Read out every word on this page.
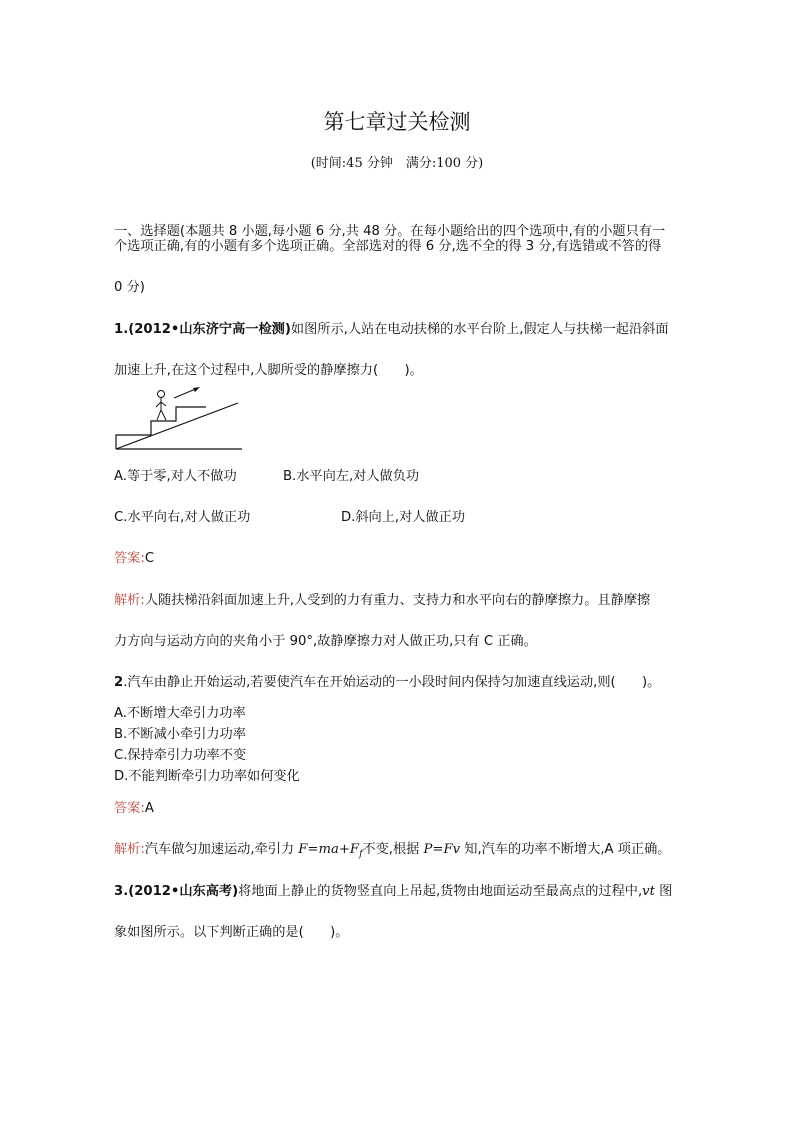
第七章过关检测
(时间:45 分钟　满分:100 分)
一、选择题(本题共 8 小题,每小题 6 分,共 48 分。在每小题给出的四个选项中,有的小题只有一
个选项正确,有的小题有多个选项正确。全部选对的得 6 分,选不全的得 3 分,有选错或不答的得
0 分)
1.(2012•山东济宁高一检测)如图所示,人站在电动扶梯的水平台阶上,假定人与扶梯一起沿斜面
加速上升,在这个过程中,人脚所受的静摩擦力(　　)。
A.等于零,对人不做功	B.水平向左,对人做负功
C.水平向右,对人做正功	D.斜向上,对人做正功
答案:C
解析:人随扶梯沿斜面加速上升,人受到的力有重力、支持力和水平向右的静摩擦力。且静摩擦
力方向与运动方向的夹角小于 90°,故静摩擦力对人做正功,只有 C 正确。
2.汽车由静止开始运动,若要使汽车在开始运动的一小段时间内保持匀加速直线运动,则(　　)。
A.不断增大牵引力功率
B.不断减小牵引力功率
C.保持牵引力功率不变
D.不能判断牵引力功率如何变化
答案:A
解析:汽车做匀加速运动,牵引力 $F=ma+F_f$不变,根据 P=Fv 知,汽车的功率不断增大,A 项正确。
3.(2012•山东高考)将地面上静止的货物竖直向上吊起,货物由地面运动至最高点的过程中,vt 图
象如图所示。以下判断正确的是(　　)。
